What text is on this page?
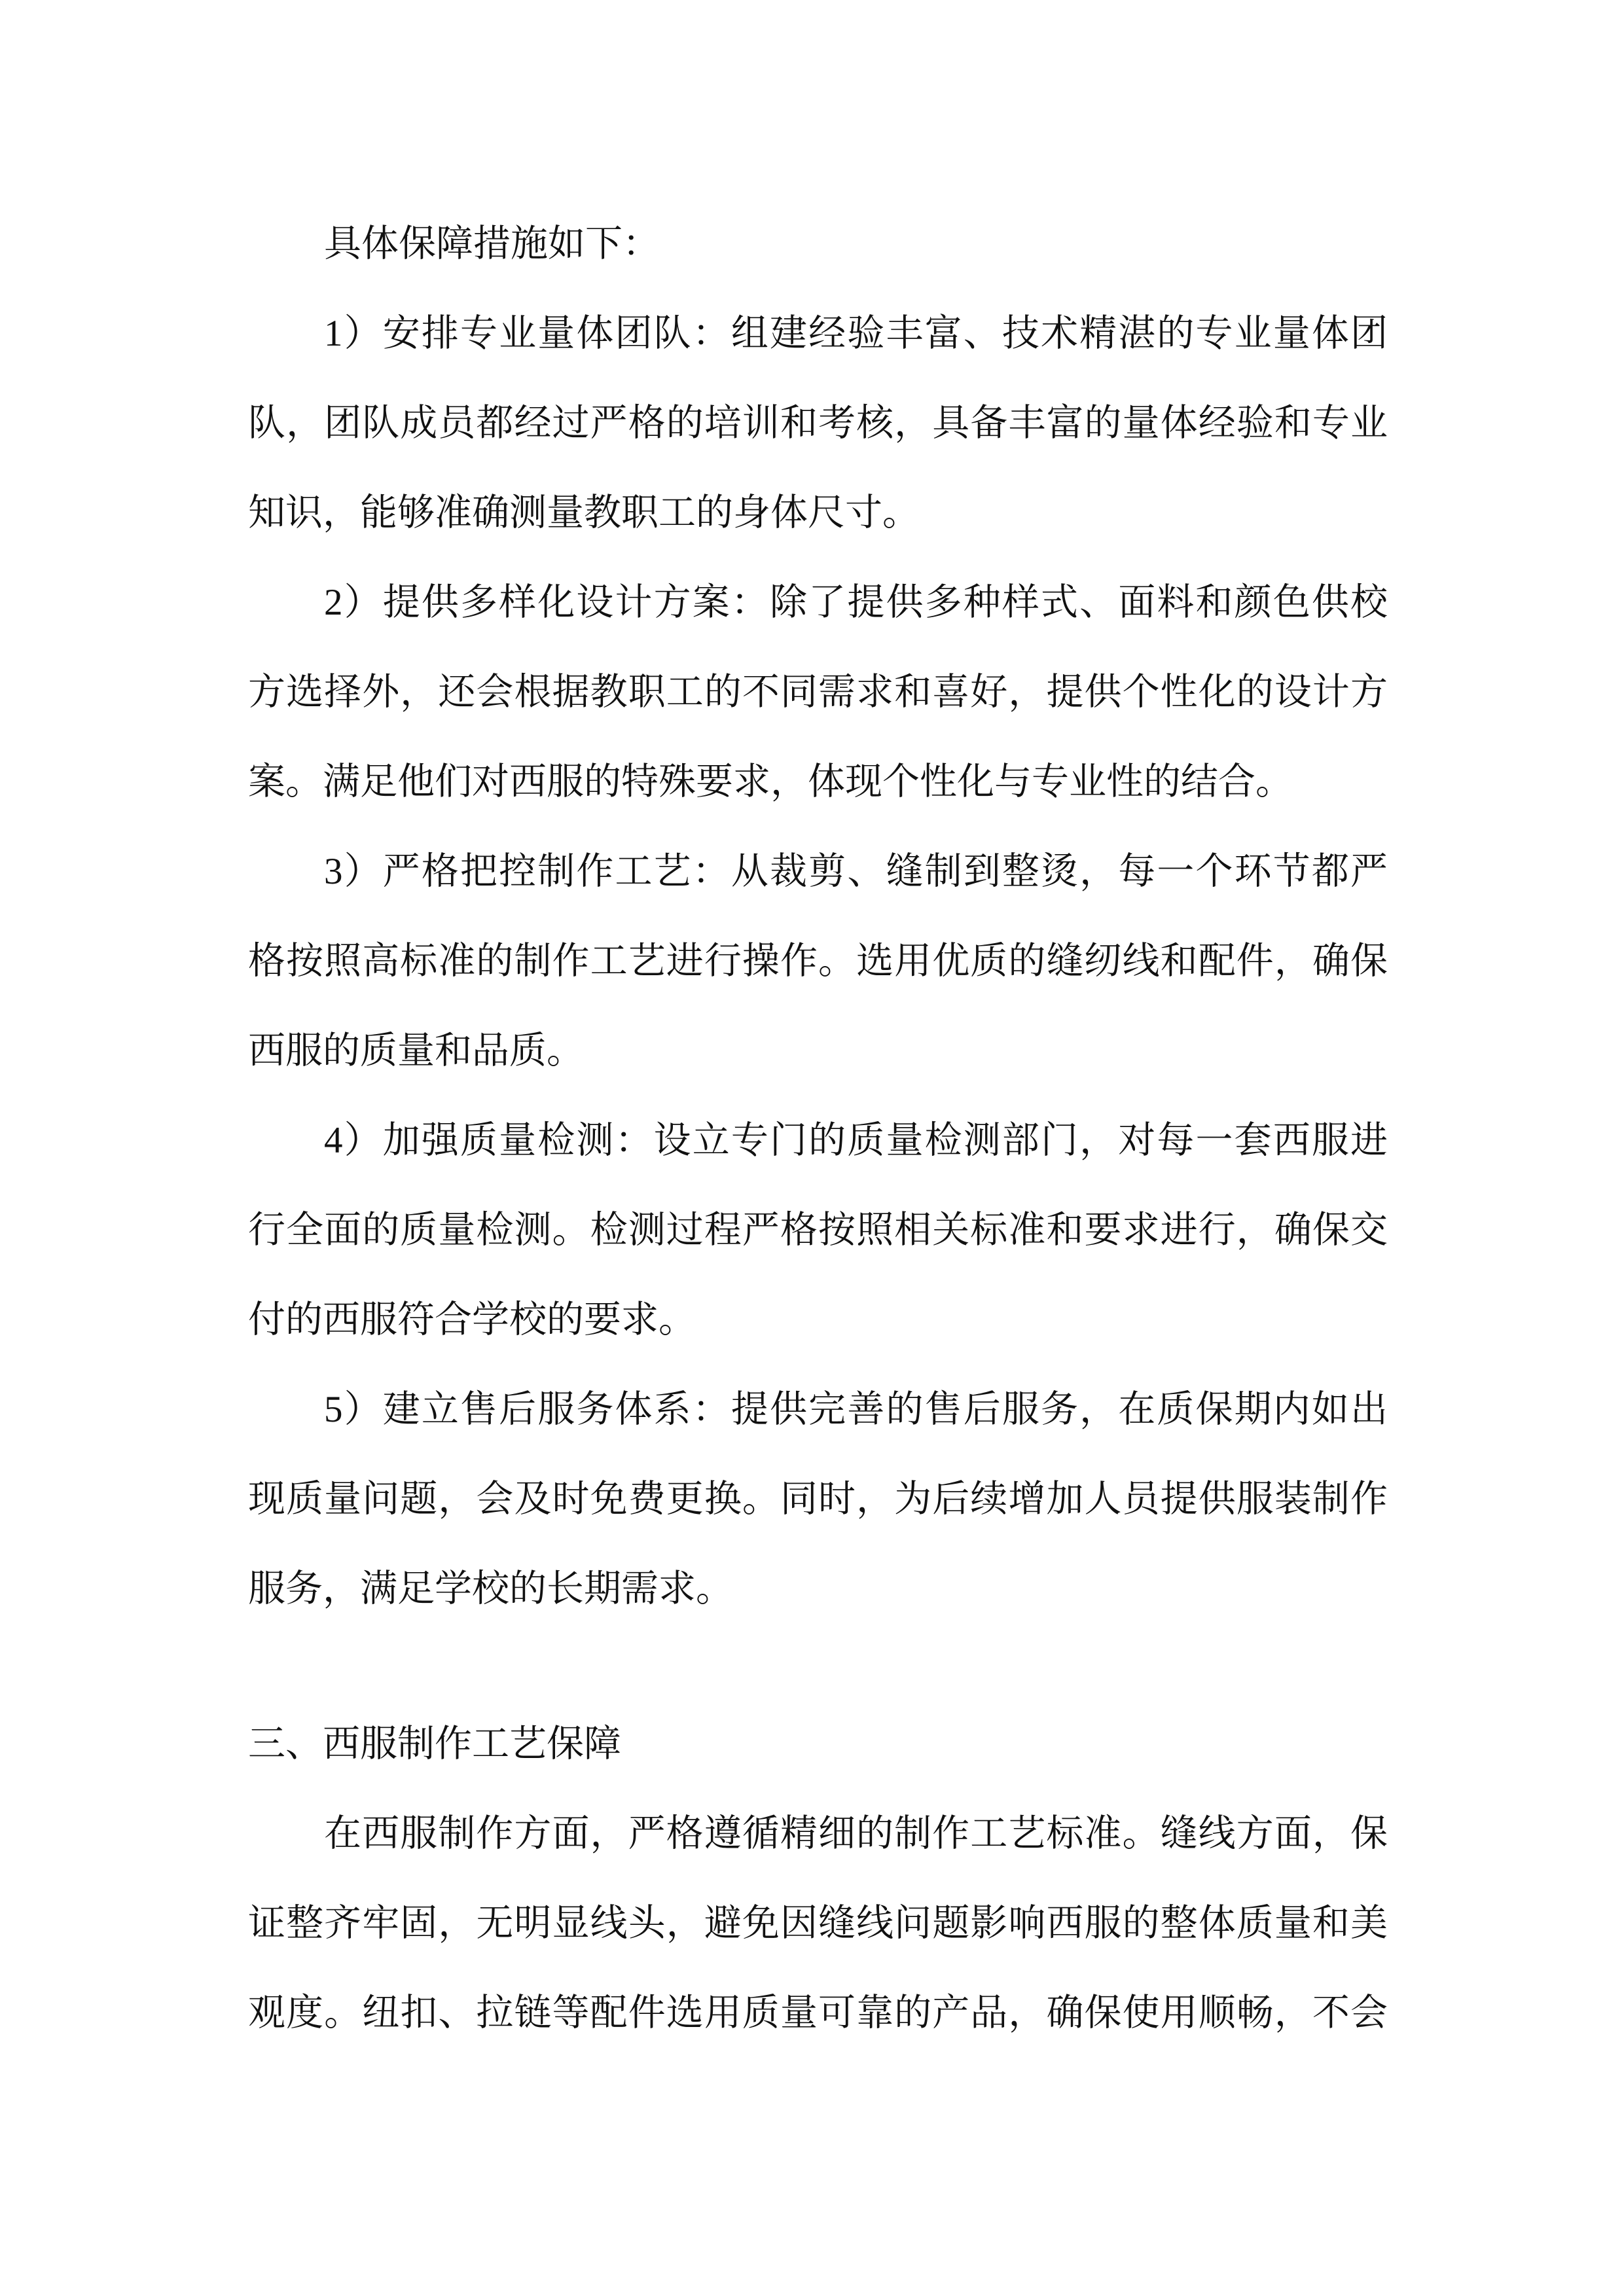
具体保障措施如下：
1）安排专业量体团队：组建经验丰富、技术精湛的专业量体团
队，团队成员都经过严格的培训和考核，具备丰富的量体经验和专业
知识，能够准确测量教职工的身体尺寸。
2）提供多样化设计方案：除了提供多种样式、面料和颜色供校
方选择外，还会根据教职工的不同需求和喜好，提供个性化的设计方
案。满足他们对西服的特殊要求，体现个性化与专业性的结合。
3）严格把控制作工艺：从裁剪、缝制到整烫，每一个环节都严
格按照高标准的制作工艺进行操作。选用优质的缝纫线和配件，确保
西服的质量和品质。
4）加强质量检测：设立专门的质量检测部门，对每一套西服进
行全面的质量检测。检测过程严格按照相关标准和要求进行，确保交
付的西服符合学校的要求。
5）建立售后服务体系：提供完善的售后服务，在质保期内如出
现质量问题，会及时免费更换。同时，为后续增加人员提供服装制作
服务，满足学校的长期需求。
三、西服制作工艺保障
在西服制作方面，严格遵循精细的制作工艺标准。缝线方面，保
证整齐牢固，无明显线头，避免因缝线问题影响西服的整体质量和美
观度。纽扣、拉链等配件选用质量可靠的产品，确保使用顺畅，不会
